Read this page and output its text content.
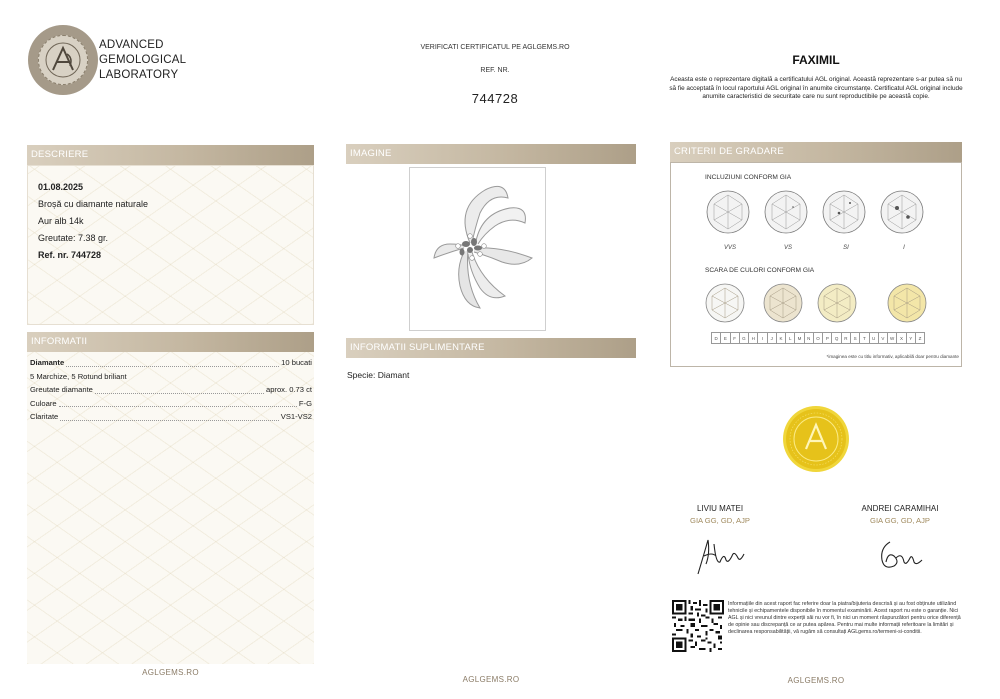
ADVANCED
GEMOLOGICAL
LABORATORY
VERIFICATI CERTIFICATUL PE AGLGEMS.RO
REF. NR.
744728
FAXIMIL
Aceasta este o reprezentare digitală a certificatului AGL original. Această reprezentare s-ar putea să nu să fie acceptată în locul raportului AGL original în anumite circumstanțe. Certificatul AGL original include anumite caracteristici de securitate care nu sunt reproductibile pe această copie.
DESCRIERE
01.08.2025
Broșă cu diamante naturale
Aur alb 14k
Greutate: 7.38 gr.
Ref. nr. 744728
INFORMATII
Diamante	10 bucati
5 Marchize, 5 Rotund briliant
Greutate diamante	aprox. 0.73 ct
Culoare	F-G
Claritate	VS1-VS2
AGLGEMS.RO
IMAGINE
INFORMATII SUPLIMENTARE
Specie: Diamant
AGLGEMS.RO
CRITERII DE GRADARE
INCLUZIUNI CONFORM GIA
VVS	VS	SI	I
SCARA DE CULORI CONFORM GIA
D	E	F	G	H	I	J	K	L	M	N	O	P	Q	R	S	T	U	V	W	X	Y	Z
*imaginea este cu titlu informativ, aplicabilă doar pentru diamante
LIVIU MATEI
GIA GG, GD, AJP
ANDREI CARAMIHAI
GIA GG, GD, AJP
Informațiile din acest raport fac referire doar la piatra/bijuteria descrisă și au fost obținute utilizând tehnicile și echipamentele disponibile în momentul examinării. Acest raport nu este o garanție. Nici AGL și nici vreunul dintre experții săi nu vor fi, în nici un moment răspunzători pentru orice diferență de opinie sau discrepanță ce ar putea apărea. Pentru mai multe informații referitoare la limitări și declinarea responsabilității, vă rugăm să consultați AGLgems.ro/termeni-si-conditii.
AGLGEMS.RO
